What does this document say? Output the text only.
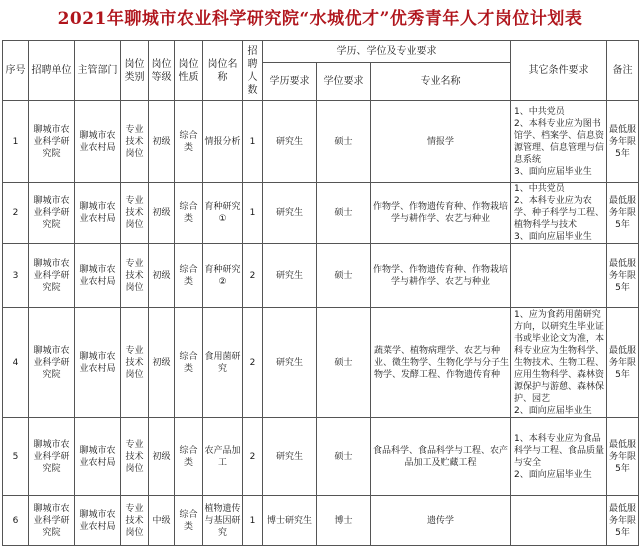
2021年聊城市农业科学研究院“水城优才”优秀青年人才岗位计划表
序号	招聘单位	主管部门	岗位类别	岗位等级	岗位性质	岗位名称	招聘人数	学历、学位及专业要求			其它条件要求	备注
								学历要求	学位要求	专业名称		
1	聊城市农业科学研究院	聊城市农业农村局	专业技术岗位	初级	综合类	情报分析	1	研究生	硕士	情报学	1、中共党员
2、本科专业应为图书馆学、档案学、信息资源管理、信息管理与信息系统
3、面向应届毕业生	最低服务年限5年
2	聊城市农业科学研究院	聊城市农业农村局	专业技术岗位	初级	综合类	育种研究①	1	研究生	硕士	作物学、作物遗传育种、作物栽培学与耕作学、农艺与种业	1、中共党员
2、本科专业应为农学、种子科学与工程、植物科学与技术
3、面向应届毕业生	最低服务年限5年
3	聊城市农业科学研究院	聊城市农业农村局	专业技术岗位	初级	综合类	育种研究②	2	研究生	硕士	作物学、作物遗传育种、作物栽培学与耕作学、农艺与种业		最低服务年限5年
4	聊城市农业科学研究院	聊城市农业农村局	专业技术岗位	初级	综合类	食用菌研究	2	研究生	硕士	蔬菜学、植物病理学、农艺与种业、微生物学、生物化学与分子生物学、发酵工程、作物遗传育种	1、应为食药用菌研究方向，以研究生毕业证书或毕业论文为准，本科专业应为生物科学、生物技术、生物工程、应用生物科学、森林资源保护与游憩、森林保护、园艺
2、面向应届毕业生	最低服务年限5年
5	聊城市农业科学研究院	聊城市农业农村局	专业技术岗位	初级	综合类	农产品加工	2	研究生	硕士	食品科学、食品科学与工程、农产品加工及贮藏工程	1、本科专业应为食品科学与工程、食品质量与安全
2、面向应届毕业生	最低服务年限5年
6	聊城市农业科学研究院	聊城市农业农村局	专业技术岗位	中级	综合类	植物遗传与基因研究	1	博士研究生	博士	遗传学		最低服务年限5年
